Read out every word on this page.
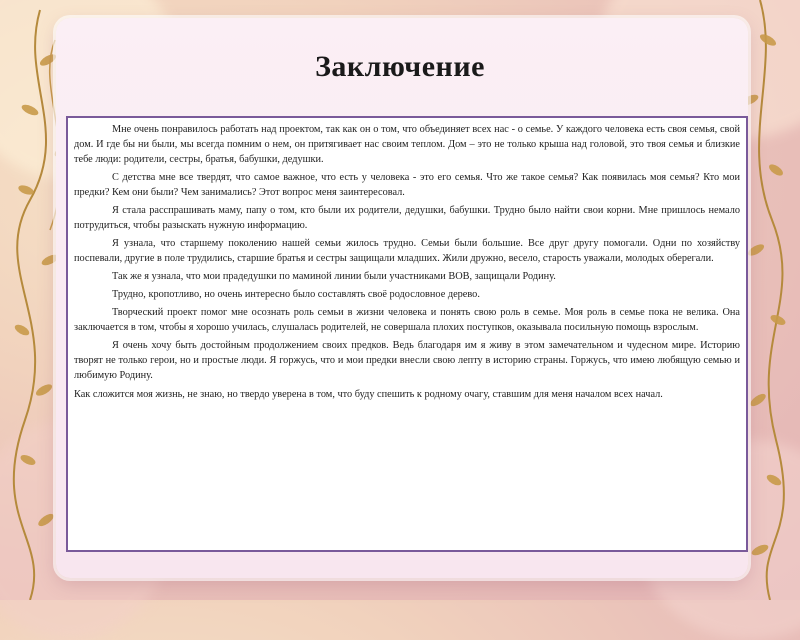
Заключение

Мне очень понравилось работать над проектом, так как он о том, что объединяет всех нас - о семье. У каждого человека есть своя семья, свой дом. И где бы ни были, мы всегда помним о нем, он притягивает нас своим теплом. Дом – это не только крыша над головой, это твоя семья и близкие тебе люди: родители, сестры, братья, бабушки, дедушки.

С детства мне все твердят, что самое важное, что есть у человека - это его семья. Что же такое семья? Как появилась моя семья? Кто мои предки? Кем они были? Чем занимались? Этот вопрос меня заинтересовал.

Я стала расспрашивать маму, папу о том, кто были их родители, дедушки, бабушки. Трудно было найти свои корни. Мне пришлось немало потрудиться, чтобы разыскать нужную информацию.

Я узнала, что старшему поколению нашей семьи жилось трудно. Семьи были большие. Все друг другу помогали. Одни по хозяйству поспевали, другие в поле трудились, старшие братья и сестры защищали младших. Жили дружно, весело, старость уважали, молодых оберегали.

Так же я узнала, что мои прадедушки по маминой линии были участниками ВОВ, защищали Родину.

Трудно, кропотливо, но очень интересно было составлять своё родословное дерево.

Творческий проект помог мне осознать роль семьи в жизни человека и понять свою роль в семье. Моя роль в семье пока не велика. Она заключается в том, чтобы я хорошо училась, слушалась родителей, не совершала плохих поступков, оказывала посильную помощь взрослым.

Я очень хочу быть достойным продолжением своих предков. Ведь благодаря им я живу в этом замечательном и чудесном мире. Историю творят не только герои, но и простые люди. Я горжусь, что и мои предки внесли свою лепту в историю страны. Горжусь, что имею любящую семью и любимую Родину.

Как сложится моя жизнь, не знаю, но твердо уверена в том, что буду спешить к родному очагу, ставшим для меня началом всех начал.
